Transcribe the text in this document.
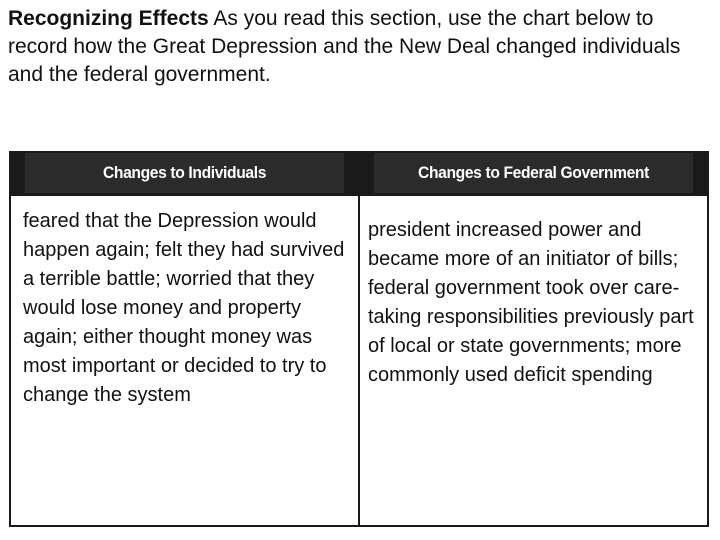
Recognizing Effects As you read this section, use the chart below to record how the Great Depression and the New Deal changed individuals and the federal government.

Changes to Individuals	Changes to Federal Government
feared that the Depression would happen again; felt they had survived a terrible battle; worried that they would lose money and property again; either thought money was most important or decided to try to change the system
president increased power and became more of an initiator of bills; federal government took over care-taking responsibilities previously part of local or state governments; more commonly used deficit spending
